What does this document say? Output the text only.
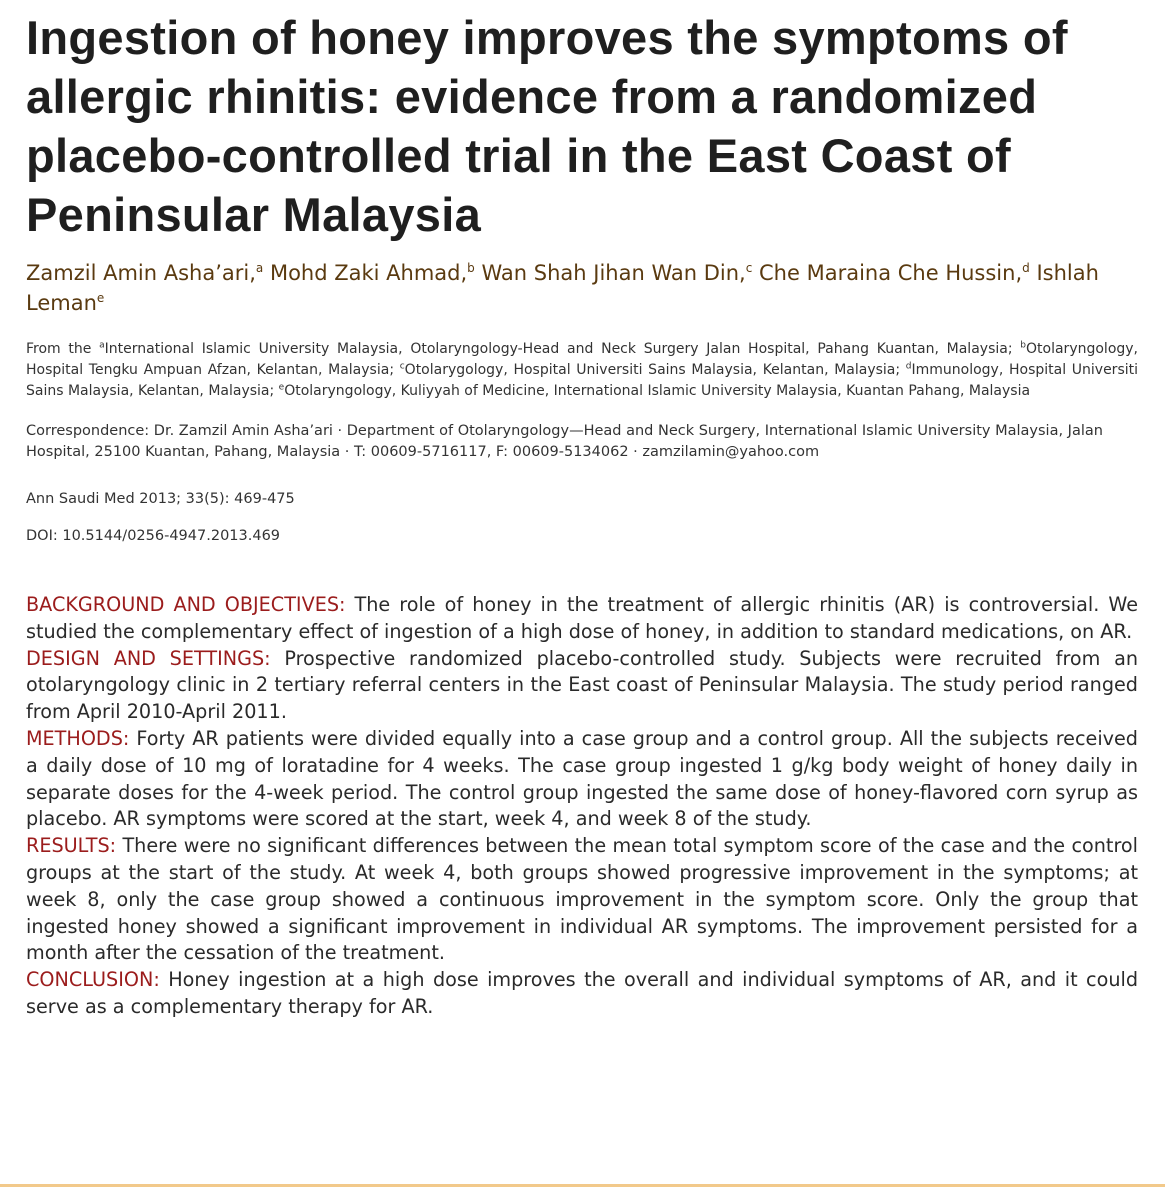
Ingestion of honey improves the symptoms of allergic rhinitis: evidence from a randomized placebo-controlled trial in the East Coast of Peninsular Malaysia
Zamzil Amin Asha’ari,$^a$ Mohd Zaki Ahmad,$^b$ Wan Shah Jihan Wan Din,$^c$ Che Maraina Che Hussin,$^d$ Ishlah Leman$^e$
From the $^a$International Islamic University Malaysia, Otolaryngology-Head and Neck Surgery Jalan Hospital, Pahang Kuantan, Malaysia; $^b$Otolaryngology, Hospital Tengku Ampuan Afzan, Kelantan, Malaysia; $^c$Otolarygology, Hospital Universiti Sains Malaysia, Kelantan, Malaysia; $^d$Immunology, Hospital Universiti Sains Malaysia, Kelantan, Malaysia; $^e$Otolaryngology, Kuliyyah of Medicine, International Islamic University Malaysia, Kuantan Pahang, Malaysia
Correspondence: Dr. Zamzil Amin Asha’ari · Department of Otolaryngology—Head and Neck Surgery, International Islamic University Malaysia, Jalan Hospital, 25100 Kuantan, Pahang, Malaysia · T: 00609-5716117, F: 00609-5134062 · zamzilamin@yahoo.com
Ann Saudi Med 2013; 33(5): 469-475
DOI: 10.5144/0256-4947.2013.469

BACKGROUND AND OBJECTIVES: The role of honey in the treatment of allergic rhinitis (AR) is controversial. We studied the complementary effect of ingestion of a high dose of honey, in addition to standard medications, on AR.

DESIGN AND SETTINGS: Prospective randomized placebo-controlled study. Subjects were recruited from an otolaryngology clinic in 2 tertiary referral centers in the East coast of Peninsular Malaysia. The study period ranged from April 2010-April 2011.

METHODS: Forty AR patients were divided equally into a case group and a control group. All the subjects received a daily dose of 10 mg of loratadine for 4 weeks. The case group ingested 1 g/kg body weight of honey daily in separate doses for the 4-week period. The control group ingested the same dose of honey-flavored corn syrup as placebo. AR symptoms were scored at the start, week 4, and week 8 of the study.

RESULTS: There were no significant differences between the mean total symptom score of the case and the control groups at the start of the study. At week 4, both groups showed progressive improvement in the symptoms; at week 8, only the case group showed a continuous improvement in the symptom score. Only the group that ingested honey showed a significant improvement in individual AR symptoms. The improvement persisted for a month after the cessation of the treatment.

CONCLUSION: Honey ingestion at a high dose improves the overall and individual symptoms of AR, and it could serve as a complementary therapy for AR.
